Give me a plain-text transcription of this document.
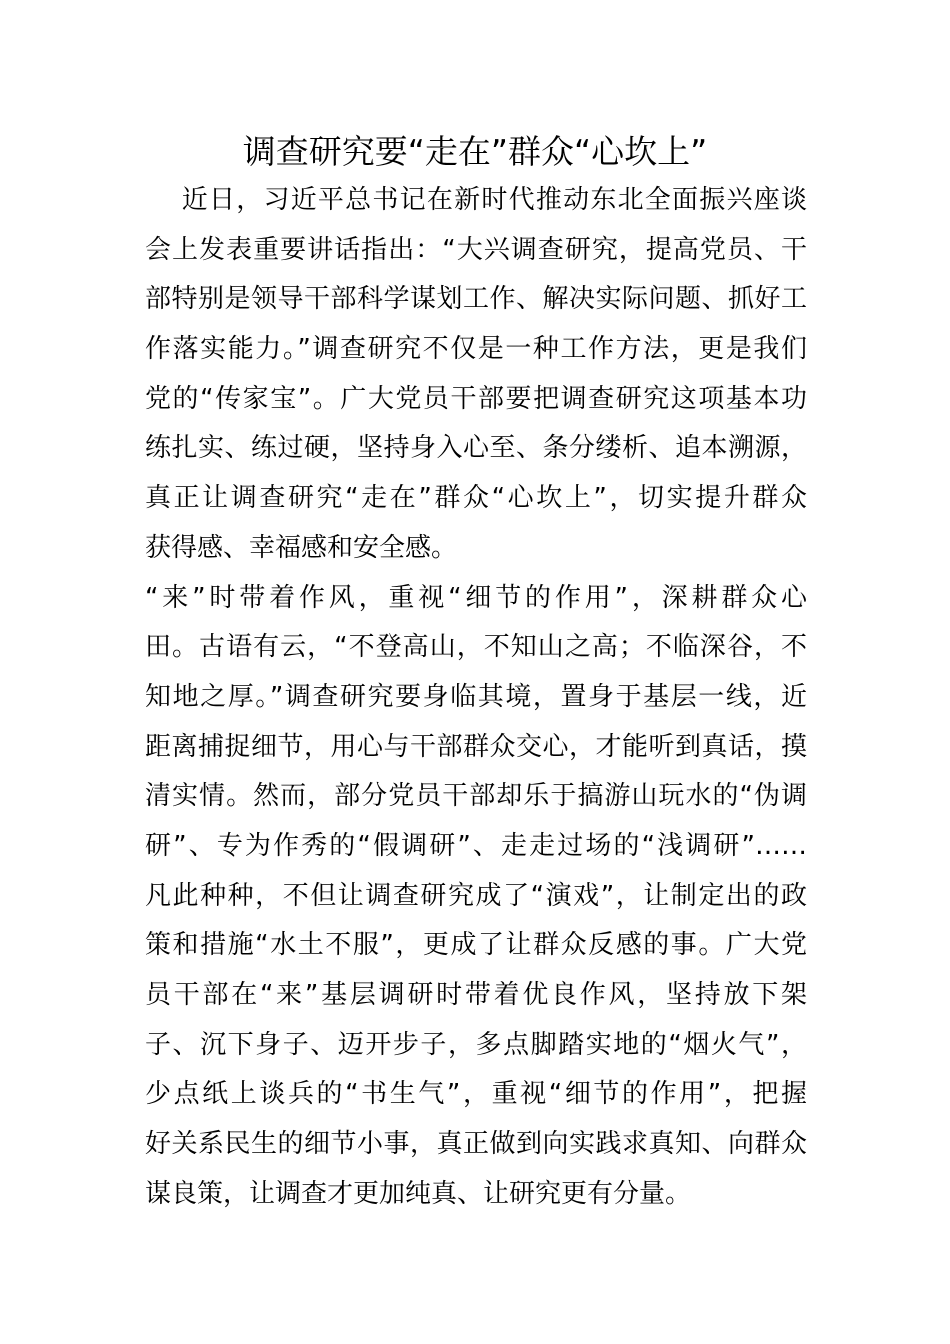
调查研究要“走在”群众“心坎上”

　 近日，习近平总书记在新时代推动东北全面振兴座谈

会上发表重要讲话指出：“大兴调查研究，提高党员、干

部特别是领导干部科学谋划工作、解决实际问题、抓好工

作落实能力。”调查研究不仅是一种工作方法，更是我们

党的“传家宝”。广大党员干部要把调查研究这项基本功

练扎实、练过硬，坚持身入心至、条分缕析、追本溯源，

真正让调查研究“走在”群众“心坎上”，切实提升群众

获得感、幸福感和安全感。

“来”时带着作风，重视“细节的作用”，深耕群众心

田。古语有云，“不登高山，不知山之高；不临深谷，不

知地之厚。”调查研究要身临其境，置身于基层一线，近

距离捕捉细节，用心与干部群众交心，才能听到真话，摸

清实情。然而，部分党员干部却乐于搞游山玩水的“伪调

研”、专为作秀的“假调研”、走走过场的“浅调研”……

凡此种种，不但让调查研究成了“演戏”，让制定出的政

策和措施“水土不服”，更成了让群众反感的事。广大党

员干部在“来”基层调研时带着优良作风，坚持放下架

子、沉下身子、迈开步子，多点脚踏实地的“烟火气”，

少点纸上谈兵的“书生气”，重视“细节的作用”，把握

好关系民生的细节小事，真正做到向实践求真知、向群众

谋良策，让调查才更加纯真、让研究更有分量。
